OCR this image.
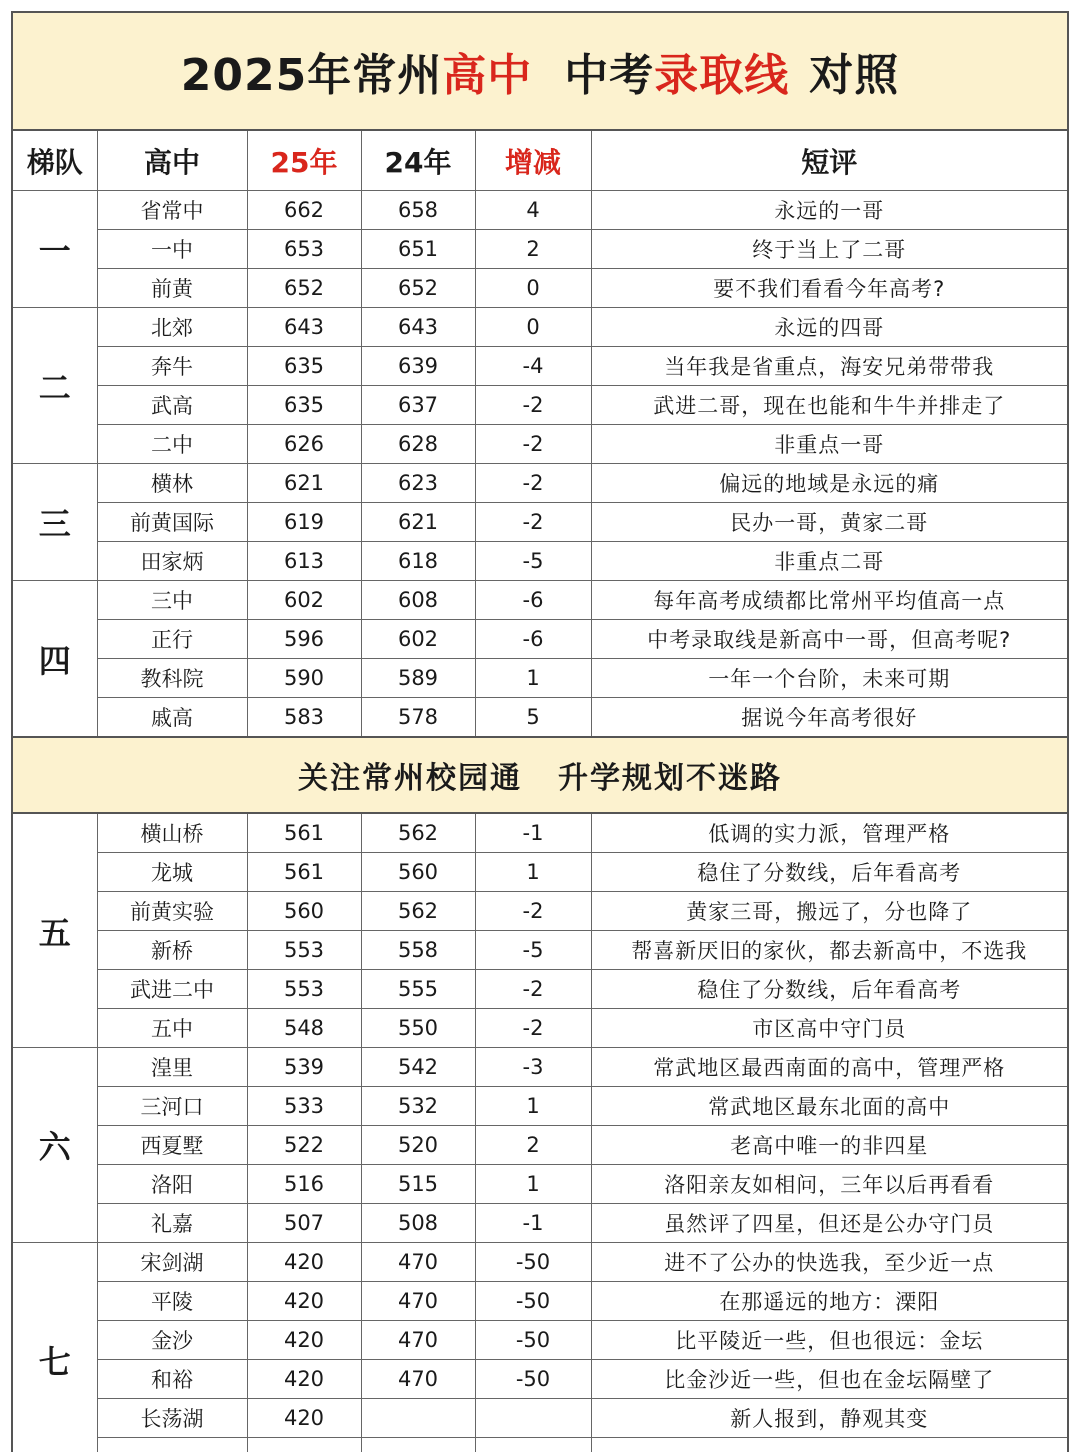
2025年常州 高中 中考 录取线 对照
梯队	高中	25年	24年	增减	短评
一	省常中	662	658	4	永远的一哥
	一中	653	651	2	终于当上了二哥
	前黄	652	652	0	要不我们看看今年高考?
二	北郊	643	643	0	永远的四哥
	奔牛	635	639	-4	当年我是省重点，海安兄弟带带我
	武高	635	637	-2	武进二哥，现在也能和牛牛并排走了
	二中	626	628	-2	非重点一哥
三	横林	621	623	-2	偏远的地域是永远的痛
	前黄国际	619	621	-2	民办一哥，黄家二哥
	田家炳	613	618	-5	非重点二哥
四	三中	602	608	-6	每年高考成绩都比常州平均值高一点
	正行	596	602	-6	中考录取线是新高中一哥，但高考呢?
	教科院	590	589	1	一年一个台阶，未来可期
	戚高	583	578	5	据说今年高考很好
关注常州校园通 升学规划不迷路					
五	横山桥	561	562	-1	低调的实力派，管理严格
	龙城	561	560	1	稳住了分数线，后年看高考
	前黄实验	560	562	-2	黄家三哥，搬远了，分也降了
	新桥	553	558	-5	帮喜新厌旧的家伙，都去新高中，不选我
	武进二中	553	555	-2	稳住了分数线，后年看高考
	五中	548	550	-2	市区高中守门员
六	湟里	539	542	-3	常武地区最西南面的高中，管理严格
	三河口	533	532	1	常武地区最东北面的高中
	西夏墅	522	520	2	老高中唯一的非四星
	洛阳	516	515	1	洛阳亲友如相问，三年以后再看看
	礼嘉	507	508	-1	虽然评了四星，但还是公办守门员
七	宋剑湖	420	470	-50	进不了公办的快选我，至少近一点
	平陵	420	470	-50	在那遥远的地方：溧阳
	金沙	420	470	-50	比平陵近一些，但也很远：金坛
	和裕	420	470	-50	比金沙近一些，但也在金坛隔壁了
	长荡湖	420			新人报到，静观其变
